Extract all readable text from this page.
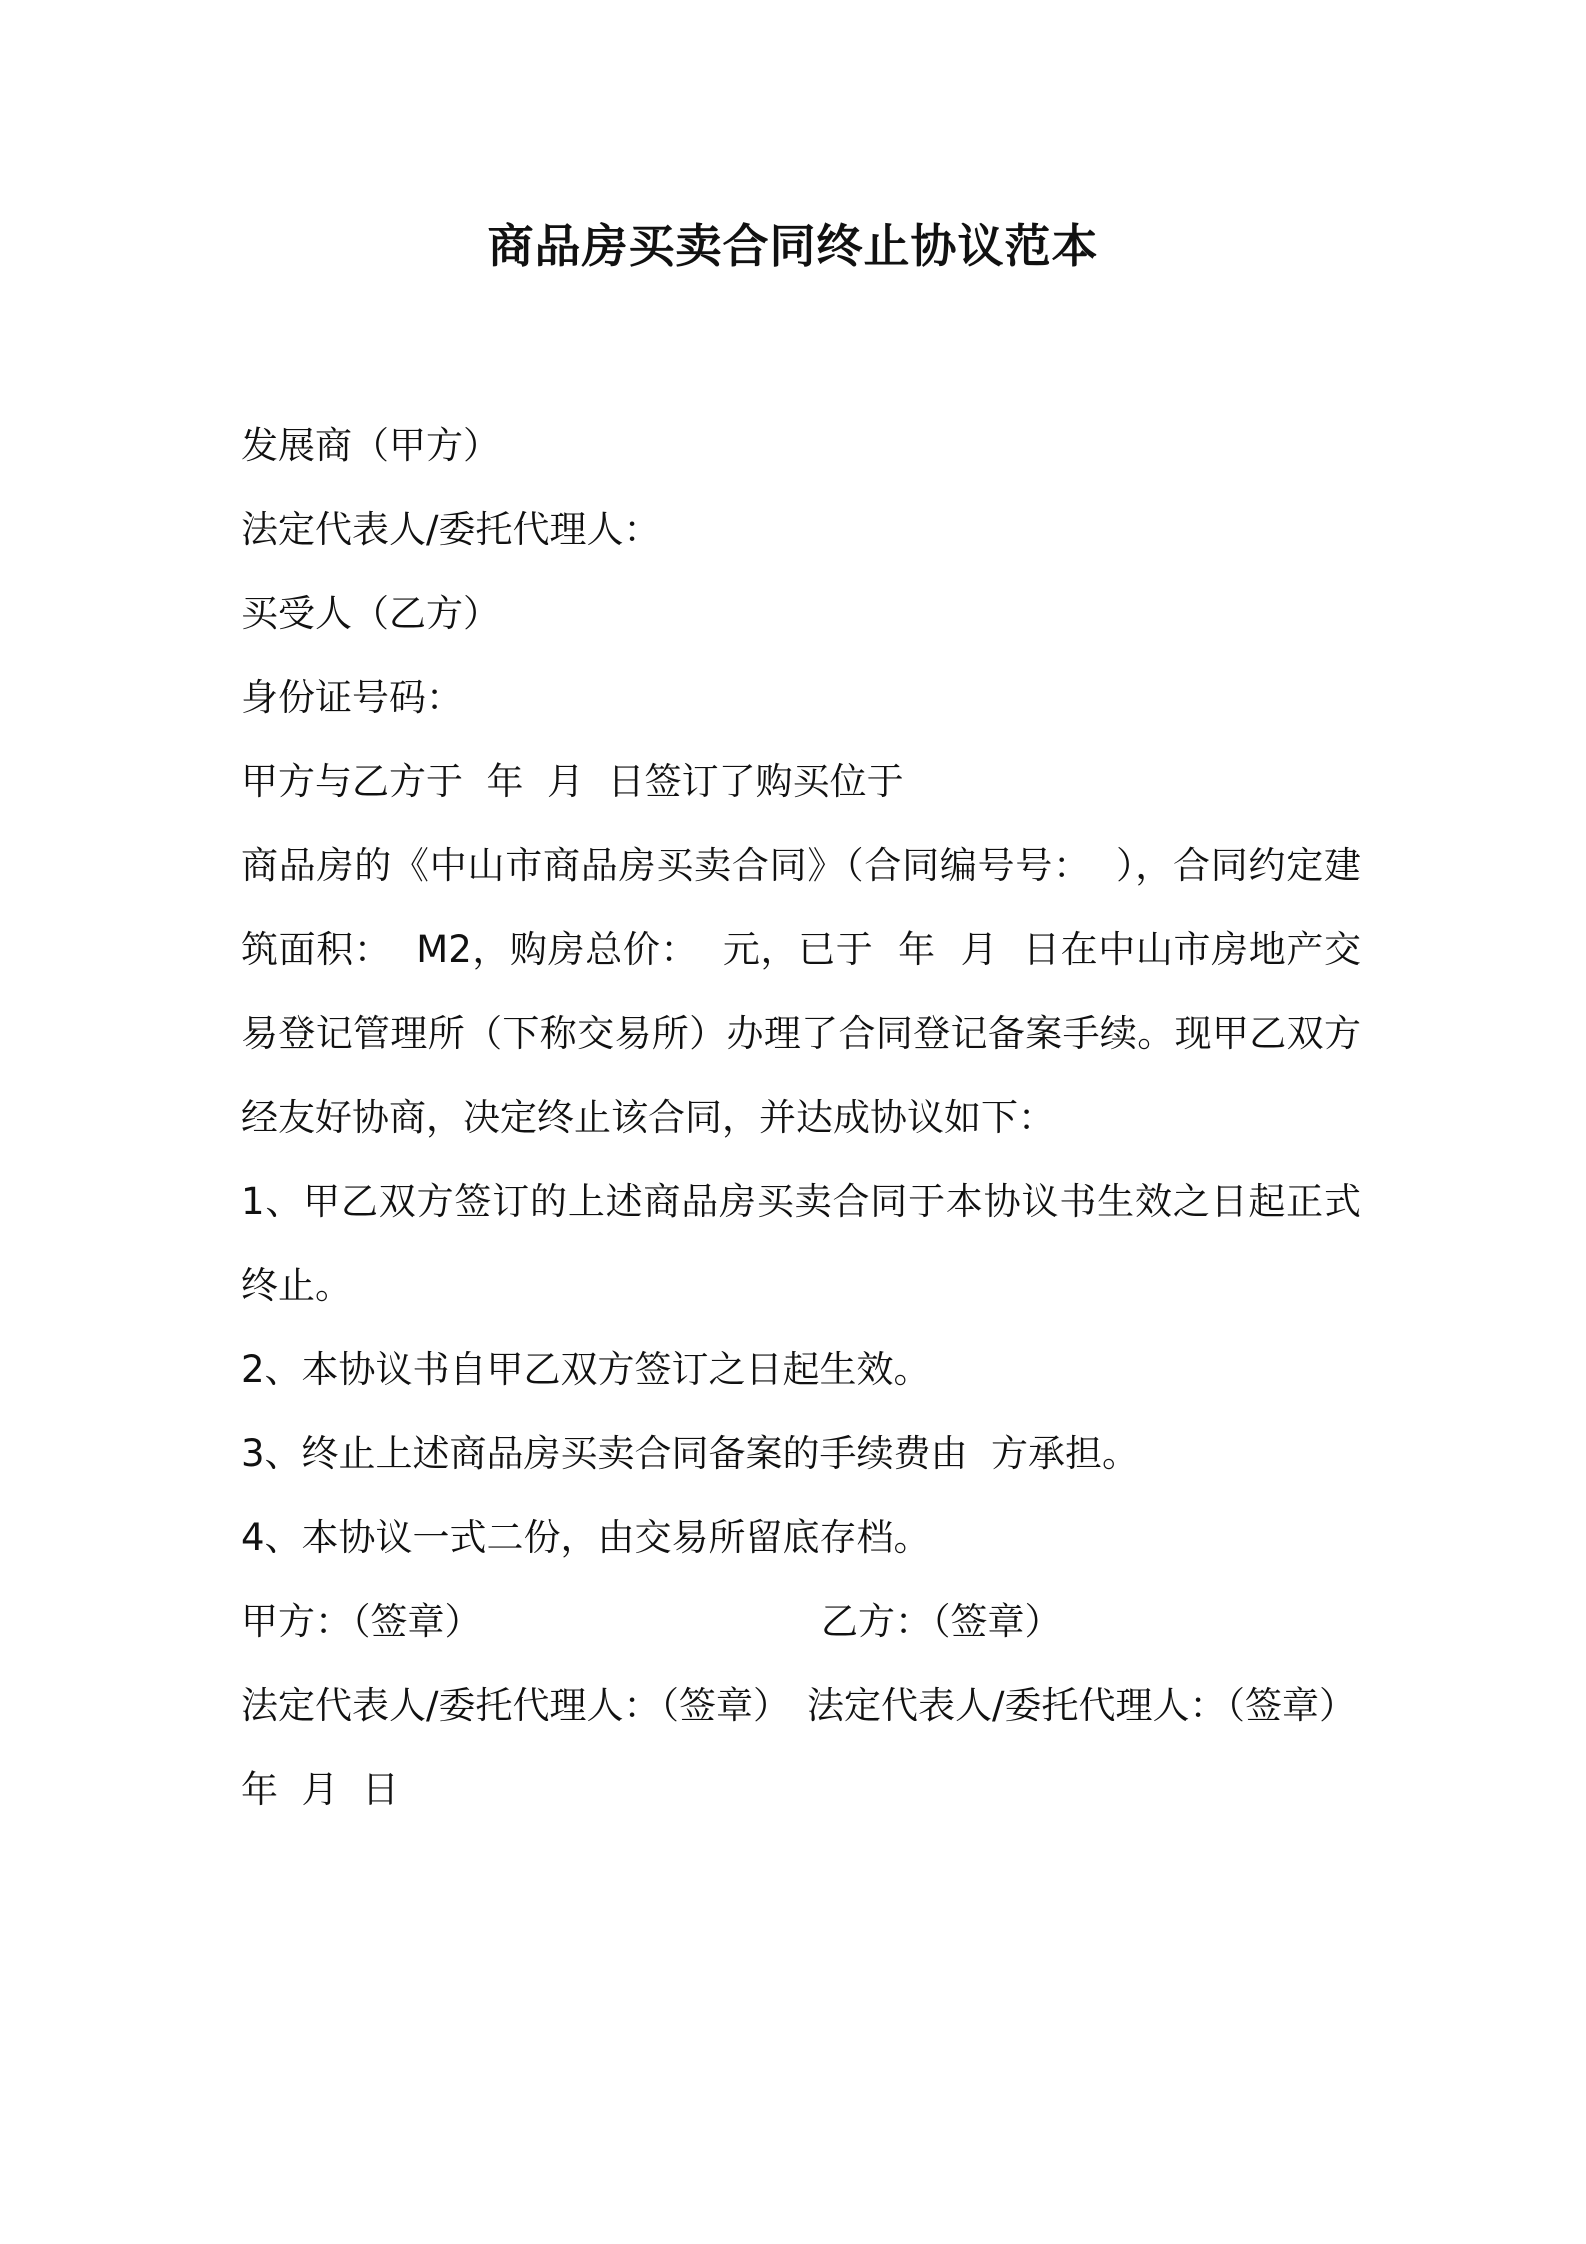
商品房买卖合同终止协议范本
发展商（甲方）
法定代表人/委托代理人：
买受人（乙方）
身份证号码：
甲方与乙方于  年  月  日签订了购买位于
商品房的《中山市商品房买卖合同》（合同编号号：  ），合同约定建筑面积：  M2，购房总价：  元，已于  年  月  日在中山市房地产交易登记管理所（下称交易所）办理了合同登记备案手续。现甲乙双方经友好协商，决定终止该合同，并达成协议如下：
1、甲乙双方签订的上述商品房买卖合同于本协议书生效之日起正式终止。
2、本协议书自甲乙双方签订之日起生效。
3、终止上述商品房买卖合同备案的手续费由  方承担。
4、本协议一式二份，由交易所留底存档。
甲方：（签章）	乙方：（签章）
法定代表人/委托代理人：（签章） 法定代表人/委托代理人：（签章）
年  月  日
